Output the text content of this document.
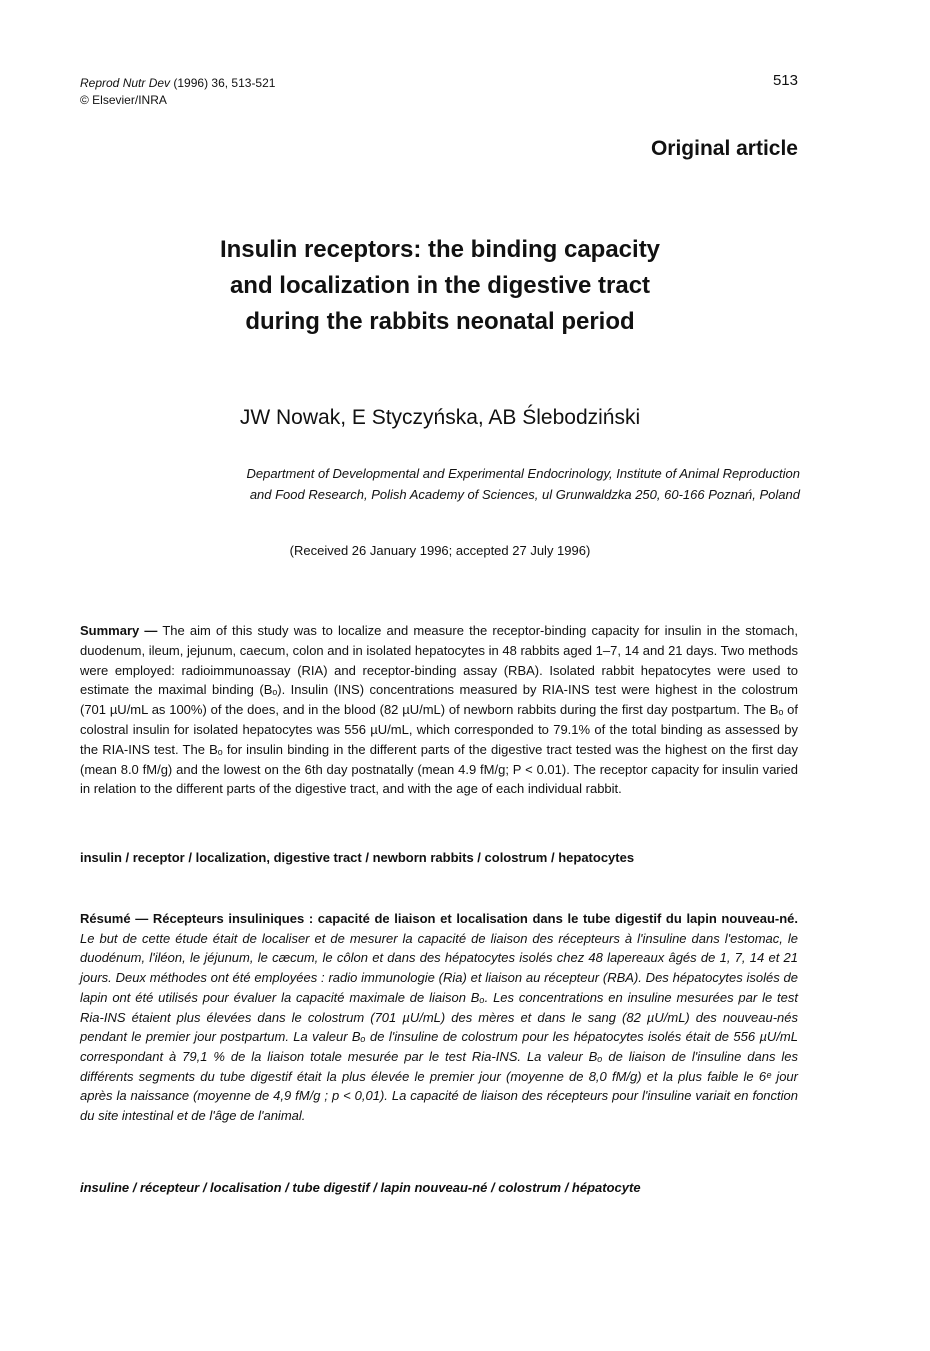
Reprod Nutr Dev (1996) 36, 513-521
© Elsevier/INRA
513
Original article
Insulin receptors: the binding capacity
and localization in the digestive tract
during the rabbits neonatal period
JW Nowak, E Styczyńska, AB Ślebodziński
Department of Developmental and Experimental Endocrinology, Institute of Animal Reproduction
and Food Research, Polish Academy of Sciences, ul Grunwaldzka 250, 60-166 Poznań, Poland
(Received 26 January 1996; accepted 27 July 1996)
Summary — The aim of this study was to localize and measure the receptor-binding capacity for insulin in the stomach, duodenum, ileum, jejunum, caecum, colon and in isolated hepatocytes in 48 rabbits aged 1–7, 14 and 21 days. Two methods were employed: radioimmunoassay (RIA) and receptor-binding assay (RBA). Isolated rabbit hepatocytes were used to estimate the maximal binding (Bₒ). Insulin (INS) concentrations measured by RIA-INS test were highest in the colostrum (701 µU/mL as 100%) of the does, and in the blood (82 µU/mL) of newborn rabbits during the first day postpartum. The Bₒ of colostral insulin for isolated hepatocytes was 556 µU/mL, which corresponded to 79.1% of the total binding as assessed by the RIA-INS test. The Bₒ for insulin binding in the different parts of the digestive tract tested was the highest on the first day (mean 8.0 fM/g) and the lowest on the 6th day postnatally (mean 4.9 fM/g; P < 0.01). The receptor capacity for insulin varied in relation to the different parts of the digestive tract, and with the age of each individual rabbit.
insulin / receptor / localization, digestive tract / newborn rabbits / colostrum / hepatocytes
Résumé — Récepteurs insuliniques : capacité de liaison et localisation dans le tube digestif du lapin nouveau-né. Le but de cette étude était de localiser et de mesurer la capacité de liaison des récepteurs à l'insuline dans l'estomac, le duodénum, l'iléon, le jéjunum, le cæcum, le côlon et dans des hépatocytes isolés chez 48 lapereaux âgés de 1, 7, 14 et 21 jours. Deux méthodes ont été employées : radio immunologie (Ria) et liaison au récepteur (RBA). Des hépatocytes isolés de lapin ont été utilisés pour évaluer la capacité maximale de liaison Bₒ. Les concentrations en insuline mesurées par le test Ria-INS étaient plus élevées dans le colostrum (701 µU/mL) des mères et dans le sang (82 µU/mL) des nouveau-nés pendant le premier jour postpartum. La valeur Bₒ de l'insuline de colostrum pour les hépatocytes isolés était de 556 µU/mL correspondant à 79,1 % de la liaison totale mesurée par le test Ria-INS. La valeur Bₒ de liaison de l'insuline dans les différents segments du tube digestif était la plus élevée le premier jour (moyenne de 8,0 fM/g) et la plus faible le 6ᵉ jour après la naissance (moyenne de 4,9 fM/g ; p < 0,01). La capacité de liaison des récepteurs pour l'insuline variait en fonction du site intestinal et de l'âge de l'animal.
insuline / récepteur / localisation / tube digestif / lapin nouveau-né / colostrum / hépatocyte
